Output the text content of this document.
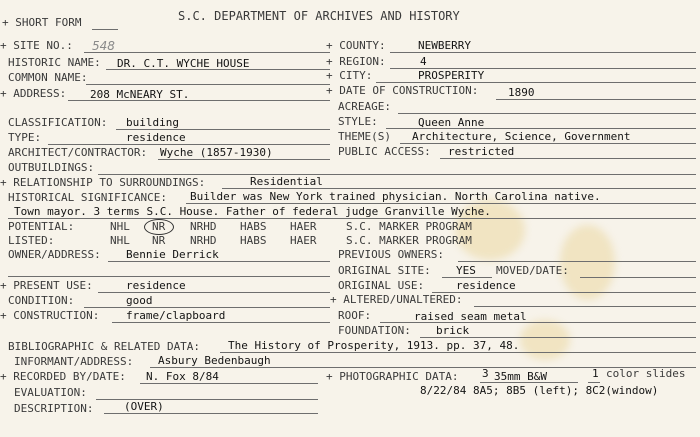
+ SHORT FORM	S.C. DEPARTMENT OF ARCHIVES AND HISTORY
+ SITE NO.: 548	+ COUNTY:	NEWBERRY
HISTORIC NAME: DR. C.T. WYCHE HOUSE	+ REGION:	4
COMMON NAME:	+ CITY:	PROSPERITY
+ ADDRESS: 208 McNEARY ST.	+ DATE OF CONSTRUCTION:	1890
ACREAGE:
CLASSIFICATION: building	STYLE:	Queen Anne
TYPE:	residence	THEME(S) Architecture, Science, Government
ARCHITECT/CONTRACTOR: Wyche (1857-1930)	PUBLIC ACCESS: restricted
OUTBUILDINGS:
+ RELATIONSHIP TO SURROUNDINGS:	Residential
HISTORICAL SIGNIFICANCE: Builder was New York trained physician. North Carolina native.
Town mayor. 3 terms S.C. House. Father of federal judge Granville Wyche.
POTENTIAL:	NHL NR NRHD HABS HAER	S.C. MARKER PROGRAM
LISTED:	NHL NR NRHD HABS HAER	S.C. MARKER PROGRAM
OWNER/ADDRESS: Bennie Derrick	PREVIOUS OWNERS:
ORIGINAL SITE: YES MOVED/DATE:
+ PRESENT USE:	residence	ORIGINAL USE:	residence
CONDITION:	good	+ ALTERED/UNALTERED:
+ CONSTRUCTION: frame/clapboard	ROOF:	raised seam metal
FOUNDATION: brick
BIBLIOGRAPHIC & RELATED DATA:	The History of Prosperity, 1913. pp. 37, 48.
INFORMANT/ADDRESS: Asbury Bedenbaugh
+ RECORDED BY/DATE: N. Fox 8/84	+ PHOTOGRAPHIC DATA: 3 35mm B&W	1 color slides
8/22/84 8A5; 8B5 (left); 8C2(window)
EVALUATION:
DESCRIPTION:	(OVER)
